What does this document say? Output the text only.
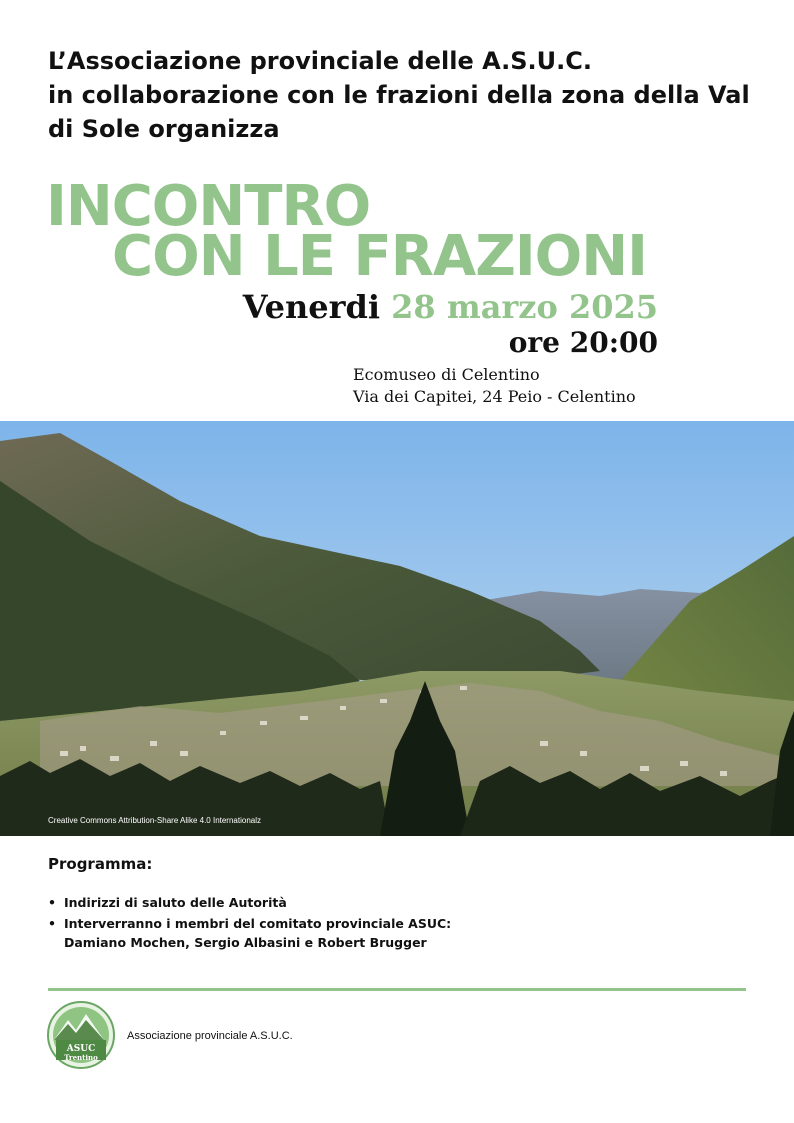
L’Associazione provinciale delle A.S.U.C.
in collaborazione con le frazioni della zona della Val
di Sole organizza
INCONTRO
CON LE FRAZIONI
Venerdi 28 marzo 2025
ore 20:00
Ecomuseo di Celentino
Via dei Capitei, 24 Peio - Celentino
Creative Commons Attribution-Share Alike 4.0 Internationalz
Programma:
• Indirizzi di saluto delle Autorità
• Interverranno i membri del comitato provinciale ASUC:
Damiano Mochen, Sergio Albasini e Robert Brugger
ASUC
Trentino
Associazione provinciale A.S.U.C.
